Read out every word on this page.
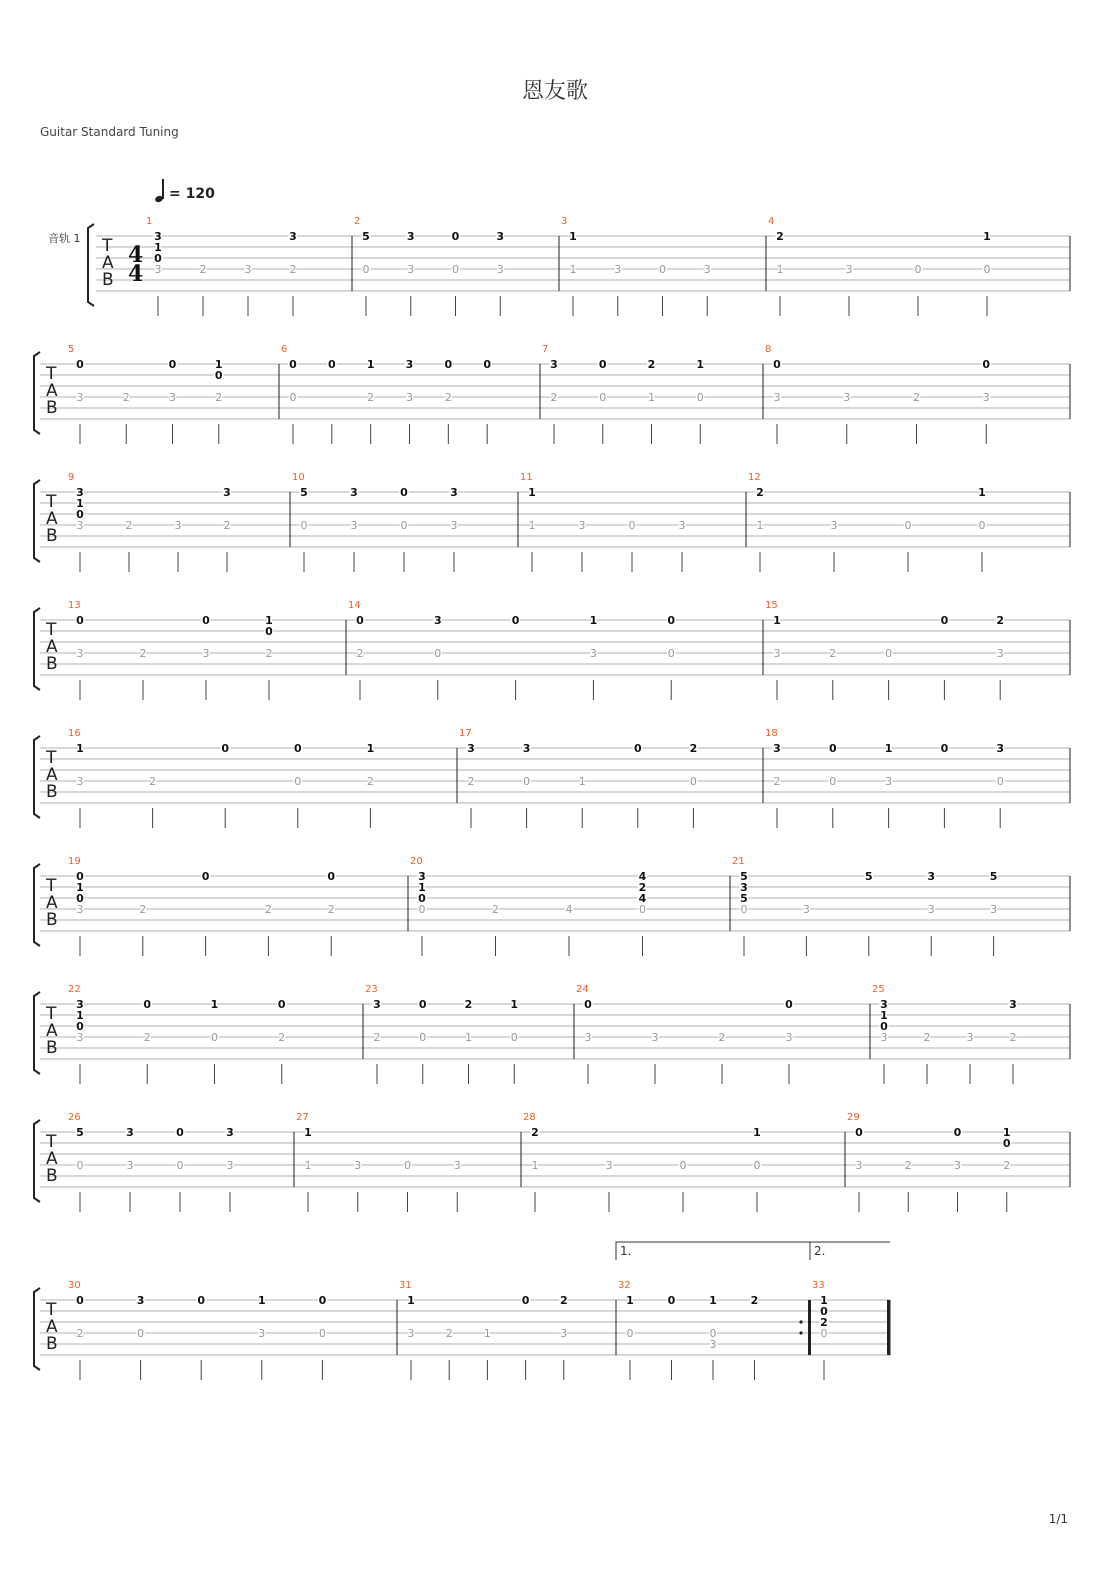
恩友歌
Guitar Standard Tuning
= 120
音轨 1
1/1
T
A
B
4
4
1
3
1
0
3	2	3
3
2
2
5
0
3
3
0
0
3
3
3
1
1	3	0	3
4
2
1	3	0
1
0
T
A
B
5
0
3	2
0
3
1
2
0
6
0
0
0	1
2
3
3
0
2
0
7
3
2	0
0	2
1
1
0
8
0
3	3	2
0
3
T
A
B
9
3
1
0
3	2	3
3
2
10
5
0
3
3
0
0
3
3
11
1
1	3	0	3
12
2
1	3	0
1
0
T
A
B
13
0
3	2
0
3
1
2
0
14
0
2
3
0
0	1
3
0
0
15
1
3	2	0
0	2
3
T
A
B
16
1
3	2
0	0
0
1
2
17
3
2
3
0	1
0	2
0
18
3
2
0
0
1
3
0	3
0
T
A
B
19
0
1
0
3	2
0
2
0
2
20
3
1
0
0	2	4
4
2
4
0
21
5
3
5
0	3
5	3
3
5
3
T
A
B
22
3
1
0
3
0
2
1
0
0
2
23
3
2	0
0	2
1
1
0
24
0
3	3	2
0
3
25
3
1
0
3	2	3
3
2
T
A
B
26
5
0
3
3
0
0
3
3
27
1
1	3	0	3
28
2
1	3	0
1
0
29
0
3	2
0
3
1
2
0
T
A
B
30
0
2
3
0
0	1
3
0
0
31
1
3	2	1
0	2
3
32
1
0
0	1
0
3
2
33
1
0
2
0
1.	2.
